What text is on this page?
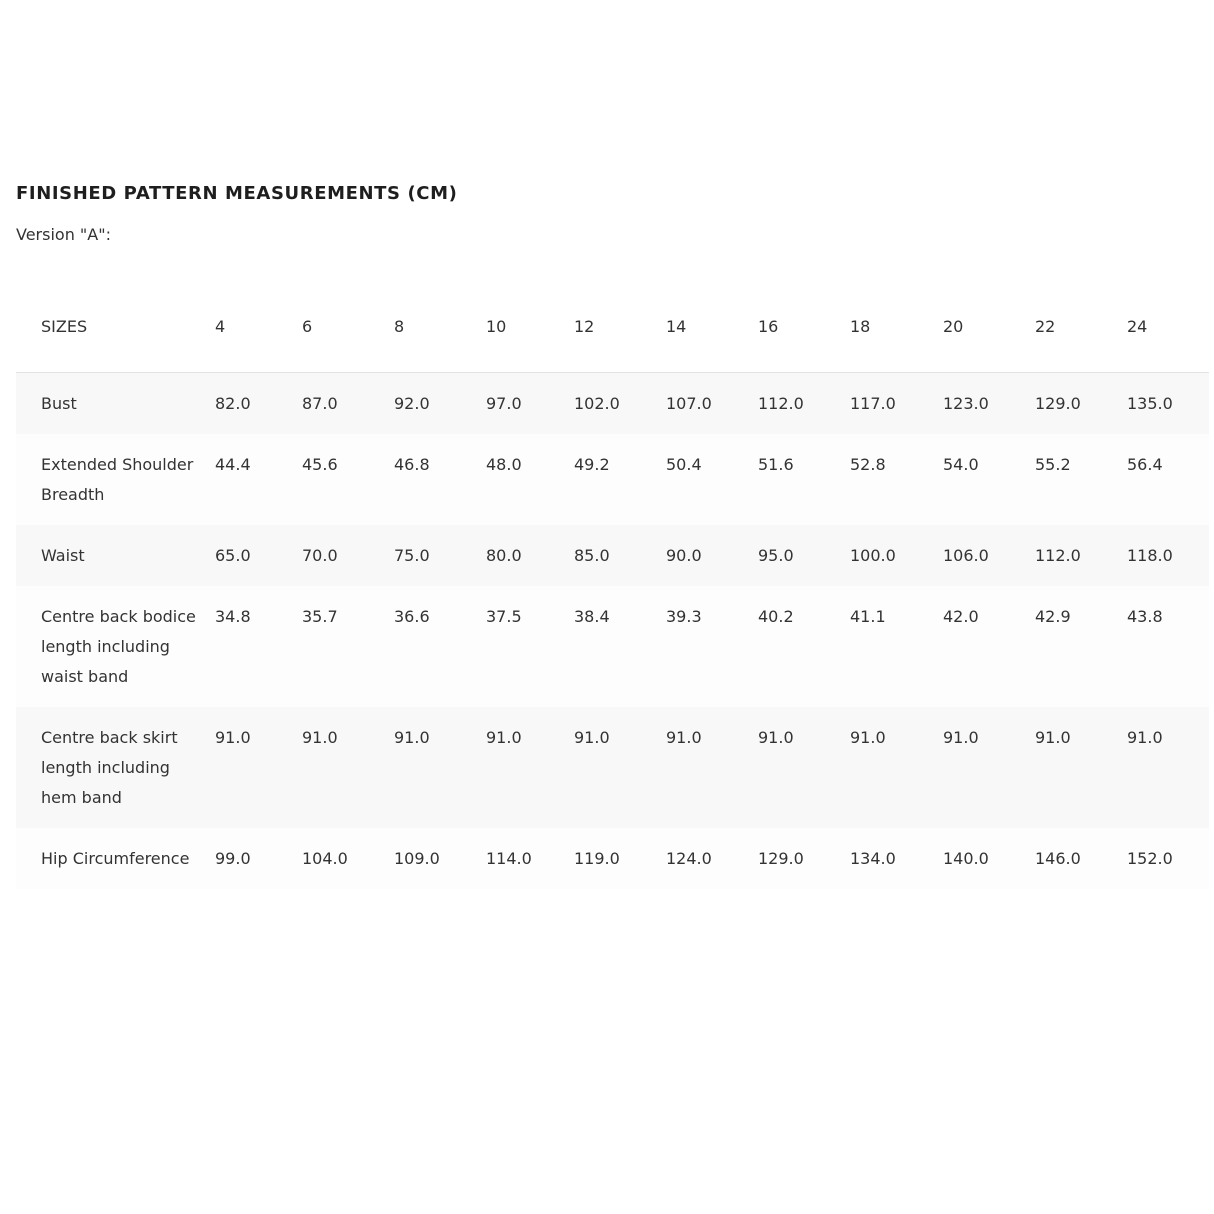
FINISHED PATTERN MEASUREMENTS (CM)

Version "A":

SIZES	4	6	8	10	12	14	16	18	20	22	24
Bust	82.0	87.0	92.0	97.0	102.0	107.0	112.0	117.0	123.0	129.0	135.0
Extended Shoulder Breadth	44.4	45.6	46.8	48.0	49.2	50.4	51.6	52.8	54.0	55.2	56.4
Waist	65.0	70.0	75.0	80.0	85.0	90.0	95.0	100.0	106.0	112.0	118.0
Centre back bodice length including waist band	34.8	35.7	36.6	37.5	38.4	39.3	40.2	41.1	42.0	42.9	43.8
Centre back skirt length including hem band	91.0	91.0	91.0	91.0	91.0	91.0	91.0	91.0	91.0	91.0	91.0
Hip Circumference	99.0	104.0	109.0	114.0	119.0	124.0	129.0	134.0	140.0	146.0	152.0
